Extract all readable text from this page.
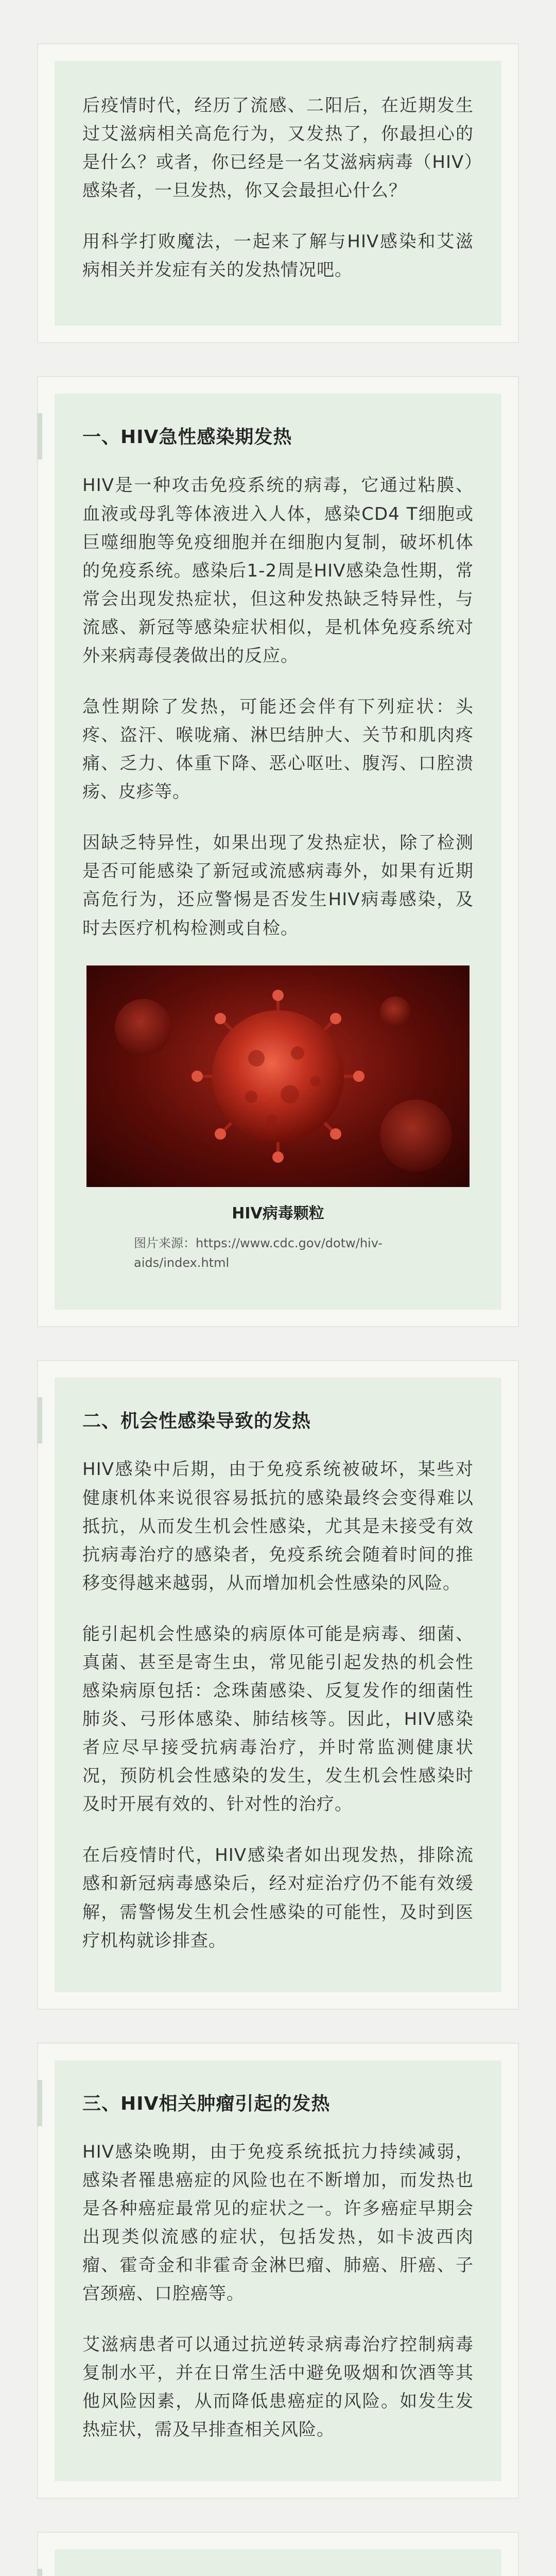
后疫情时代，经历了流感、二阳后，在近期发生过艾滋病相关高危行为，又发热了，你最担心的是什么？或者，你已经是一名艾滋病病毒（HIV）感染者，一旦发热，你又会最担心什么？

用科学打败魔法，一起来了解与HIV感染和艾滋病相关并发症有关的发热情况吧。

一、HIV急性感染期发热

HIV是一种攻击免疫系统的病毒，它通过粘膜、血液或母乳等体液进入人体，感染CD4 T细胞或巨噬细胞等免疫细胞并在细胞内复制，破坏机体的免疫系统。感染后1-2周是HIV感染急性期，常常会出现发热症状，但这种发热缺乏特异性，与流感、新冠等感染症状相似，是机体免疫系统对外来病毒侵袭做出的反应。

急性期除了发热，可能还会伴有下列症状：头疼、盗汗、喉咙痛、淋巴结肿大、关节和肌肉疼痛、乏力、体重下降、恶心呕吐、腹泻、口腔溃疡、皮疹等。

因缺乏特异性，如果出现了发热症状，除了检测是否可能感染了新冠或流感病毒外，如果有近期高危行为，还应警惕是否发生HIV病毒感染，及时去医疗机构检测或自检。

HIV病毒颗粒
图片来源：https://www.cdc.gov/dotw/hiv-aids/index.html
二、机会性感染导致的发热

HIV感染中后期，由于免疫系统被破坏，某些对健康机体来说很容易抵抗的感染最终会变得难以抵抗，从而发生机会性感染，尤其是未接受有效抗病毒治疗的感染者，免疫系统会随着时间的推移变得越来越弱，从而增加机会性感染的风险。

能引起机会性感染的病原体可能是病毒、细菌、真菌、甚至是寄生虫，常见能引起发热的机会性感染病原包括：念珠菌感染、反复发作的细菌性肺炎、弓形体感染、肺结核等。因此，HIV感染者应尽早接受抗病毒治疗，并时常监测健康状况，预防机会性感染的发生，发生机会性感染时及时开展有效的、针对性的治疗。

在后疫情时代，HIV感染者如出现发热，排除流感和新冠病毒感染后，经对症治疗仍不能有效缓解，需警惕发生机会性感染的可能性，及时到医疗机构就诊排查。

三、HIV相关肿瘤引起的发热

HIV感染晚期，由于免疫系统抵抗力持续减弱，感染者罹患癌症的风险也在不断增加，而发热也是各种癌症最常见的症状之一。许多癌症早期会出现类似流感的症状，包括发热，如卡波西肉瘤、霍奇金和非霍奇金淋巴瘤、肺癌、肝癌、子宫颈癌、口腔癌等。

艾滋病患者可以通过抗逆转录病毒治疗控制病毒复制水平，并在日常生活中避免吸烟和饮酒等其他风险因素，从而降低患癌症的风险。如发生发热症状，需及早排查相关风险。
